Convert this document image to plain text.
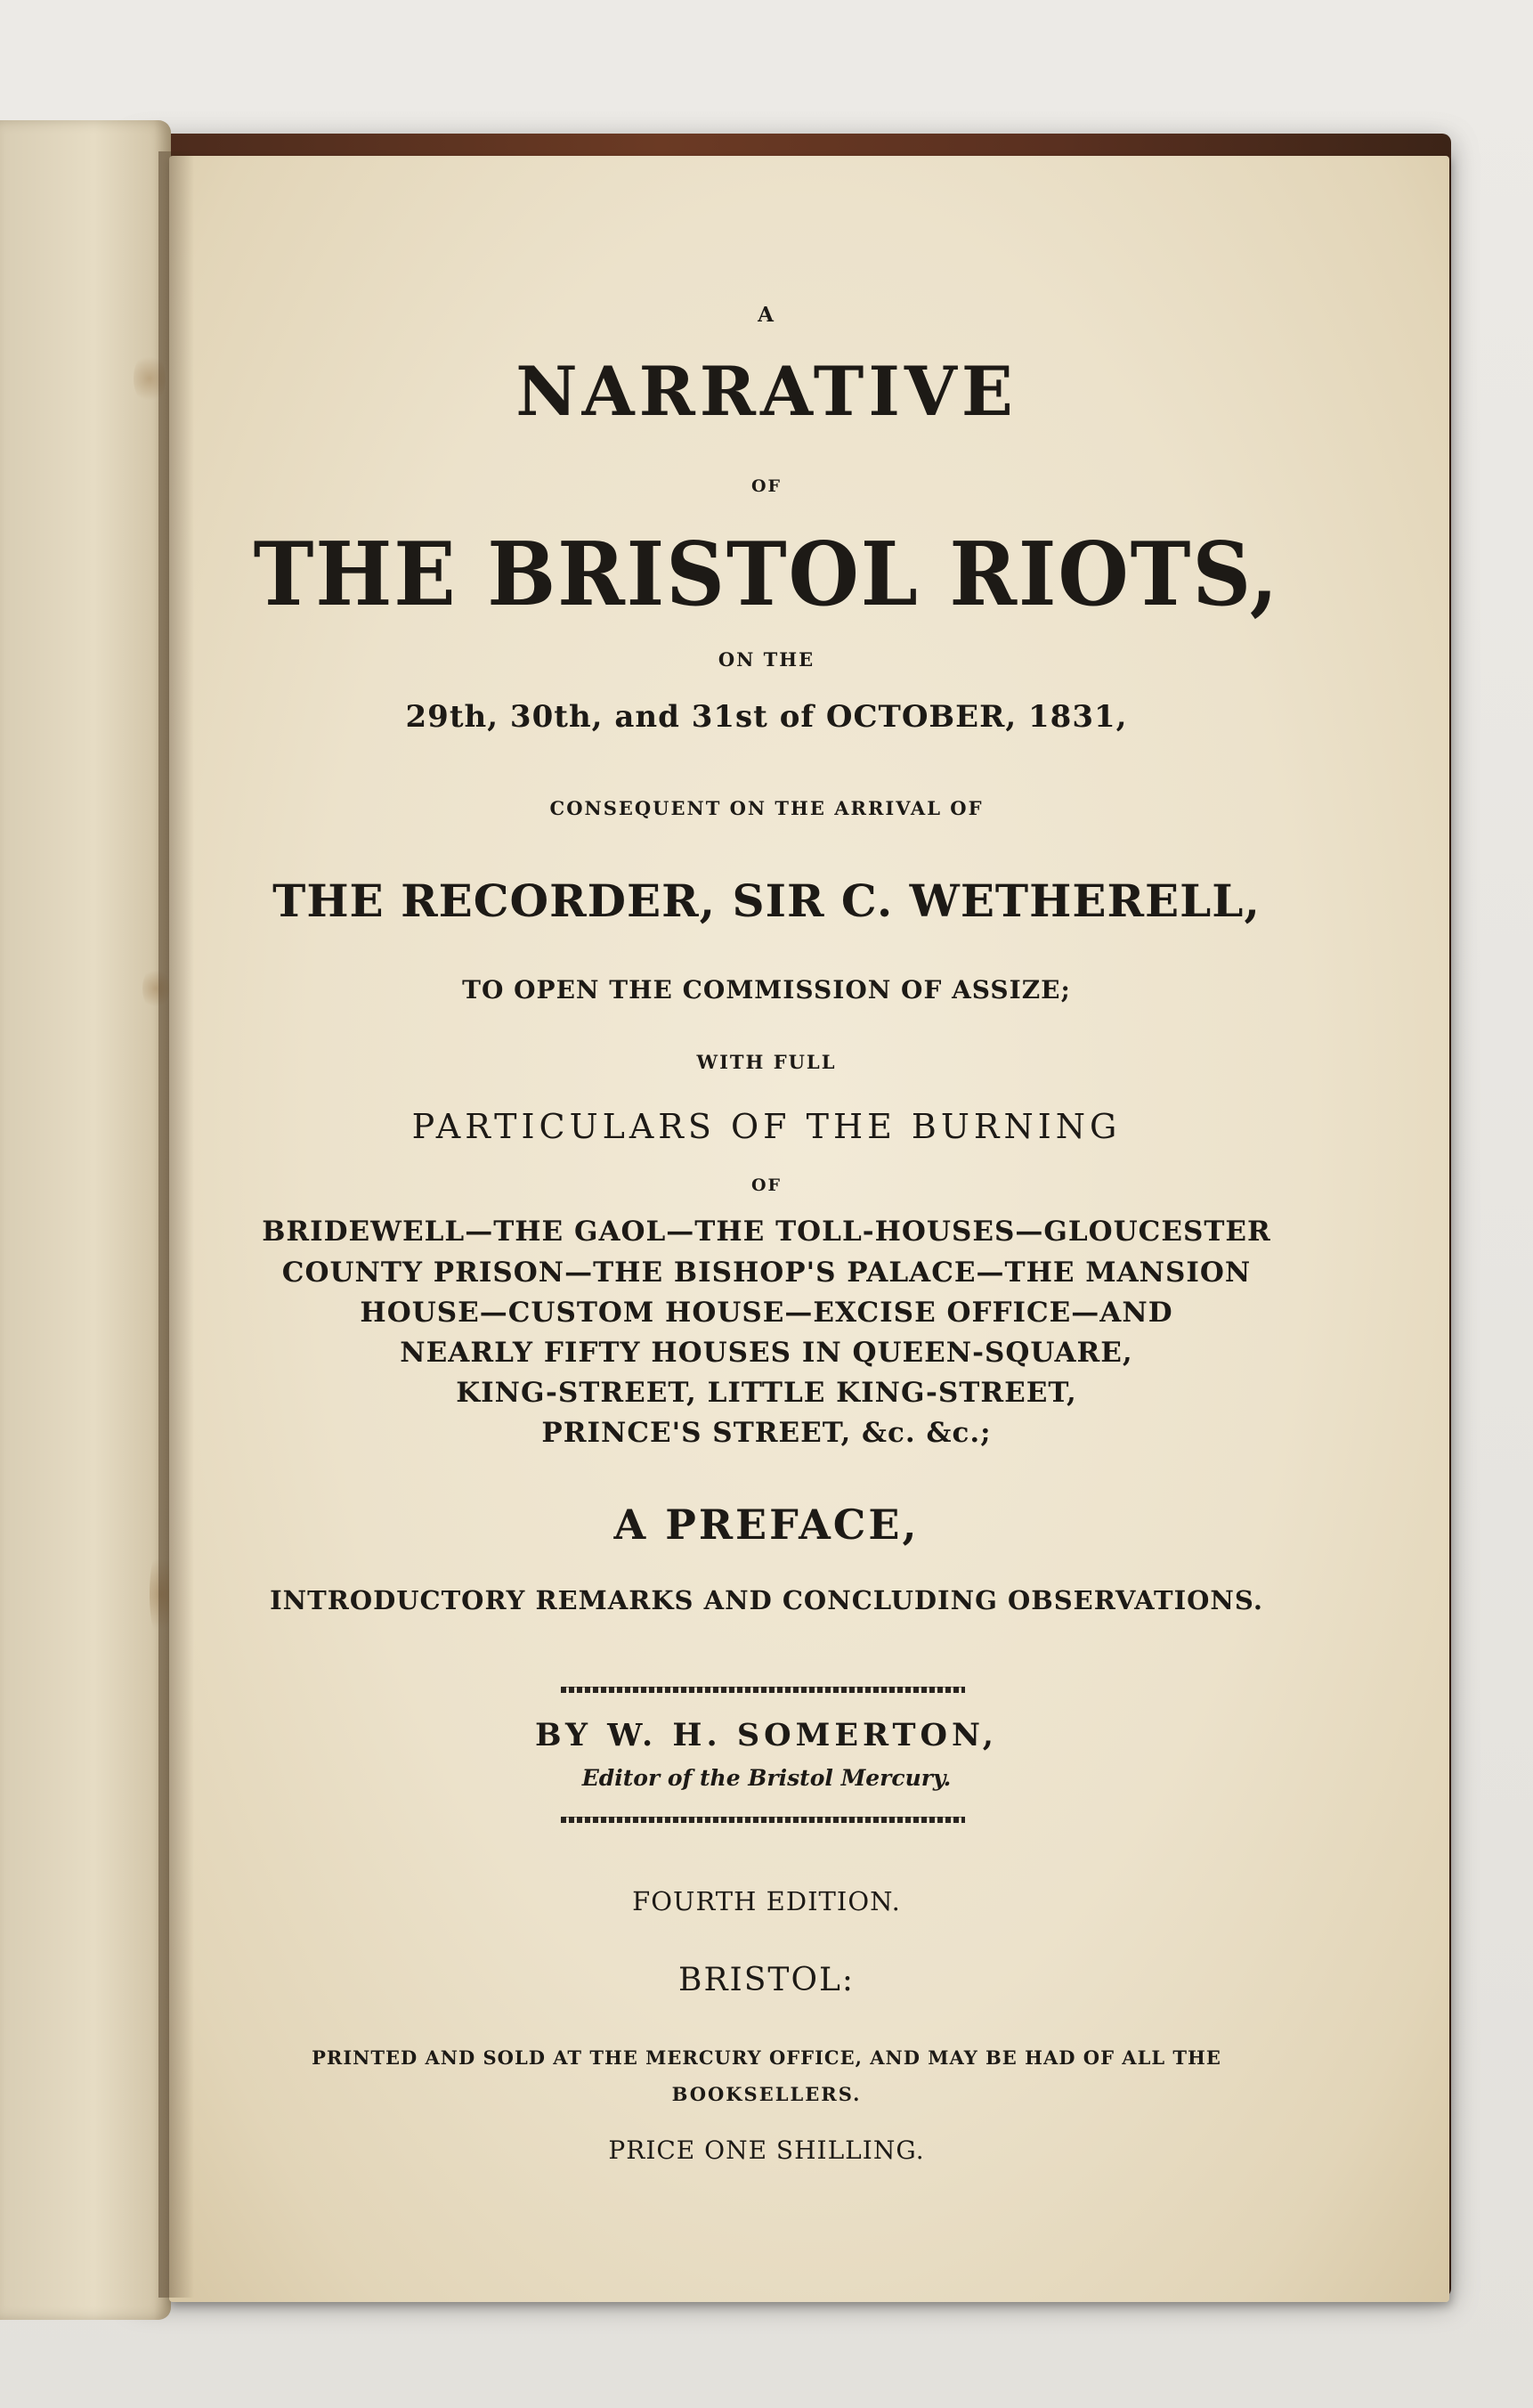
A
NARRATIVE
OF
THE BRISTOL RIOTS,
ON THE
29th, 30th, and 31st of OCTOBER, 1831,
CONSEQUENT ON THE ARRIVAL OF
THE RECORDER, SIR C. WETHERELL,
TO OPEN THE COMMISSION OF ASSIZE;
WITH FULL
PARTICULARS OF THE BURNING
OF
BRIDEWELL—THE GAOL—THE TOLL-HOUSES—GLOUCESTER
COUNTY PRISON—THE BISHOP'S PALACE—THE MANSION
HOUSE—CUSTOM HOUSE—EXCISE OFFICE—AND
NEARLY FIFTY HOUSES IN QUEEN-SQUARE,
KING-STREET, LITTLE KING-STREET,
PRINCE'S STREET, &c. &c.;
A PREFACE,
INTRODUCTORY REMARKS AND CONCLUDING OBSERVATIONS.
BY W. H. SOMERTON,
Editor of the Bristol Mercury.
FOURTH EDITION.
BRISTOL:
PRINTED AND SOLD AT THE MERCURY OFFICE, AND MAY BE HAD OF ALL THE
BOOKSELLERS.
PRICE ONE SHILLING.
